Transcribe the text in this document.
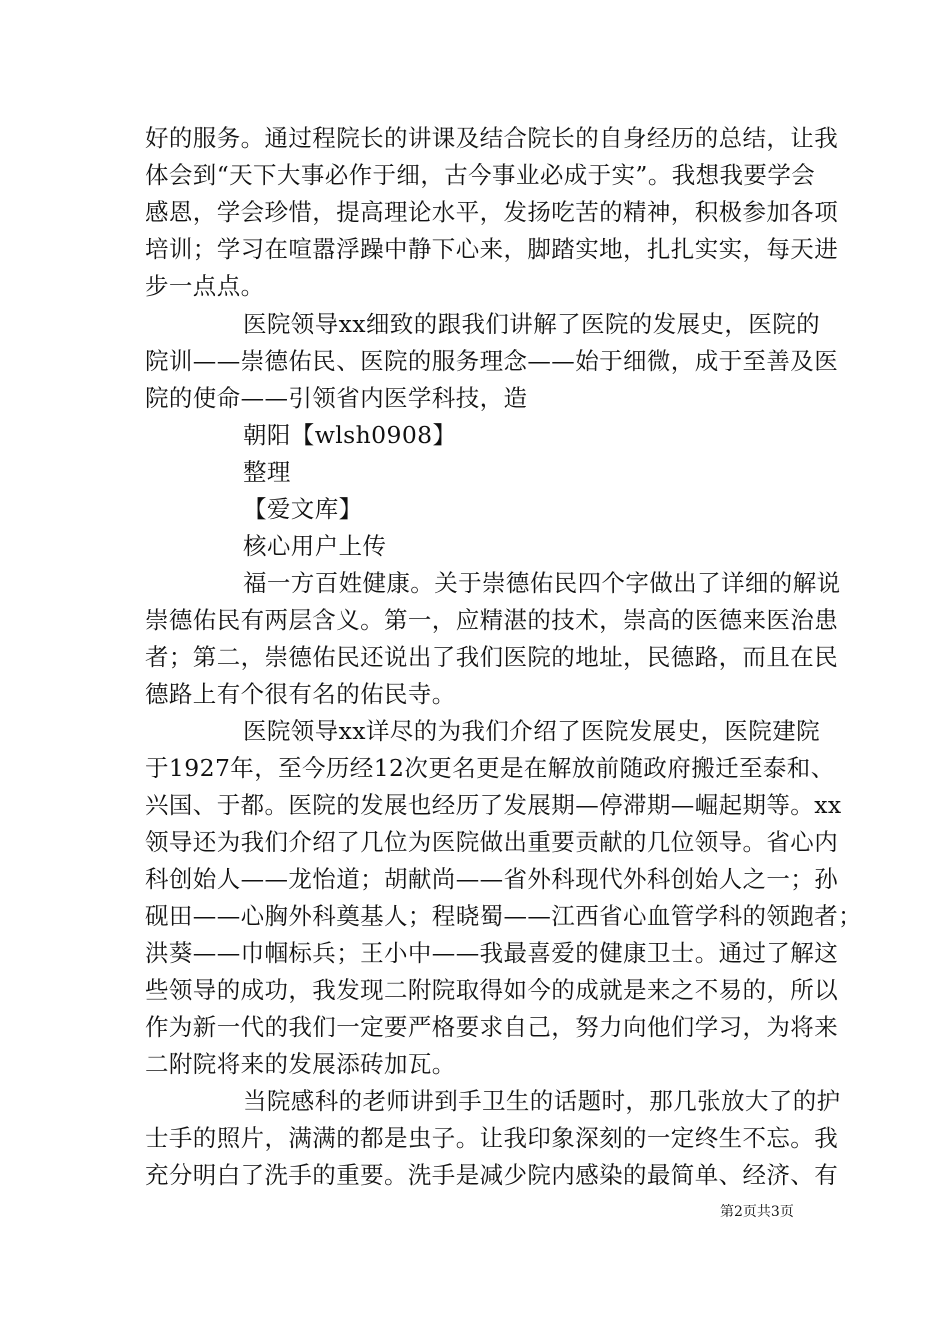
好的服务。通过程院长的讲课及结合院长的自身经历的总结，让我
体会到“天下大事必作于细，古今事业必成于实”。我想我要学会
感恩，学会珍惜，提高理论水平，发扬吃苦的精神，积极参加各项
培训；学习在喧嚣浮躁中静下心来，脚踏实地，扎扎实实，每天进
步一点点。
医院领导xx细致的跟我们讲解了医院的发展史，医院的
院训——崇德佑民、医院的服务理念——始于细微，成于至善及医
院的使命——引领省内医学科技，造
朝阳【wlsh0908】
整理
【爱文库】
核心用户上传
福一方百姓健康。关于崇德佑民四个字做出了详细的解说
崇德佑民有两层含义。第一，应精湛的技术，崇高的医德来医治患
者；第二，崇德佑民还说出了我们医院的地址，民德路，而且在民
德路上有个很有名的佑民寺。
医院领导xx详尽的为我们介绍了医院发展史，医院建院
于1927年，至今历经12次更名更是在解放前随政府搬迁至泰和、
兴国、于都。医院的发展也经历了发展期—停滞期—崛起期等。xx
领导还为我们介绍了几位为医院做出重要贡献的几位领导。省心内
科创始人——龙怡道；胡献尚——省外科现代外科创始人之一；孙
砚田——心胸外科奠基人；程晓蜀——江西省心血管学科的领跑者；
洪葵——巾帼标兵；王小中——我最喜爱的健康卫士。通过了解这
些领导的成功，我发现二附院取得如今的成就是来之不易的，所以
作为新一代的我们一定要严格要求自己，努力向他们学习，为将来
二附院将来的发展添砖加瓦。
当院感科的老师讲到手卫生的话题时，那几张放大了的护
士手的照片，满满的都是虫子。让我印象深刻的一定终生不忘。我
充分明白了洗手的重要。洗手是减少院内感染的最简单、经济、有
第2页共3页
